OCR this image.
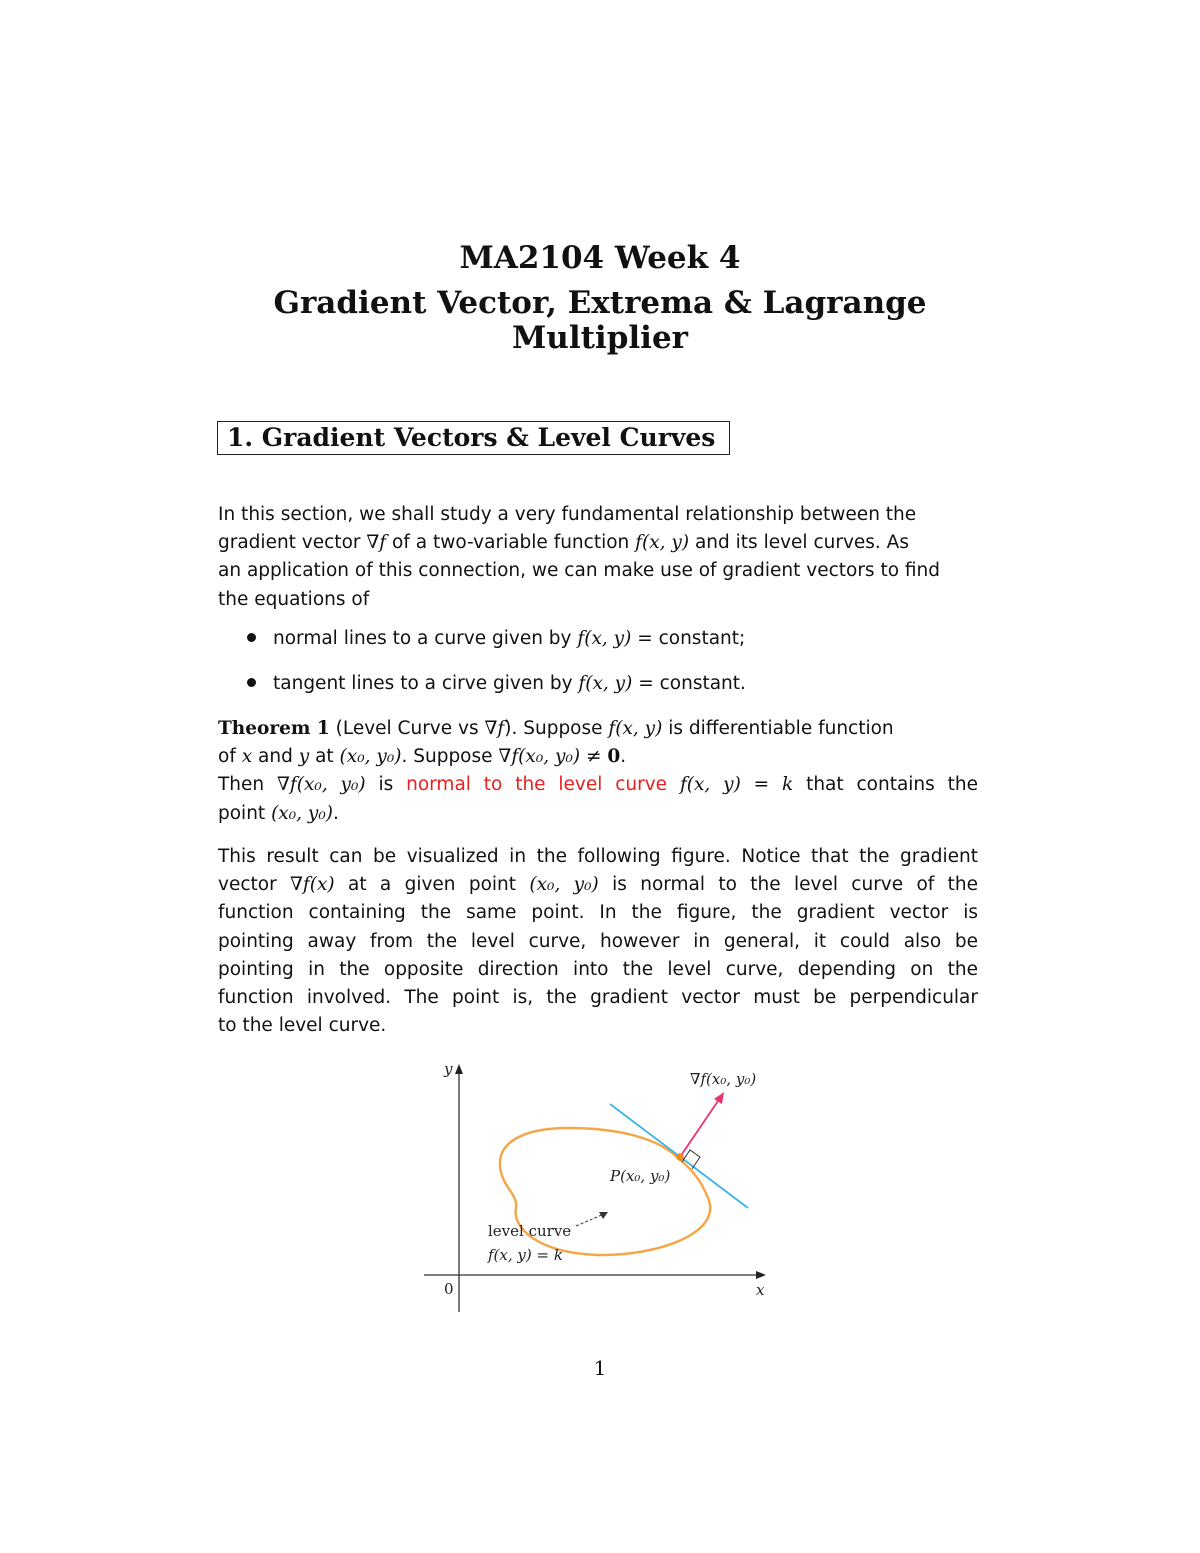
MA2104 Week 4
Gradient Vector, Extrema & Lagrange
Multiplier
1. Gradient Vectors & Level Curves
In this section, we shall study a very fundamental relationship between the
gradient vector ∇f of a two-variable function f(x, y) and its level curves. As
an application of this connection, we can make use of gradient vectors to find
the equations of
normal lines to a curve given by f(x, y) = constant;
tangent lines to a cirve given by f(x, y) = constant.
Theorem 1 (Level Curve vs ∇f). Suppose f(x, y) is differentiable function
of x and y at (x₀, y₀). Suppose ∇f(x₀, y₀) ≠ 0.
Then ∇f(x₀, y₀) is normal to the level curve f(x, y) = k that contains the
point (x₀, y₀).
This result can be visualized in the following figure. Notice that the gradient
vector ∇f(x) at a given point (x₀, y₀) is normal to the level curve of the
function containing the same point. In the figure, the gradient vector is
pointing away from the level curve, however in general, it could also be
pointing in the opposite direction into the level curve, depending on the
function involved. The point is, the gradient vector must be perpendicular
to the level curve.
y
x
0
∇f(x₀, y₀)
P(x₀, y₀)
level curve
f(x, y) = k
1
